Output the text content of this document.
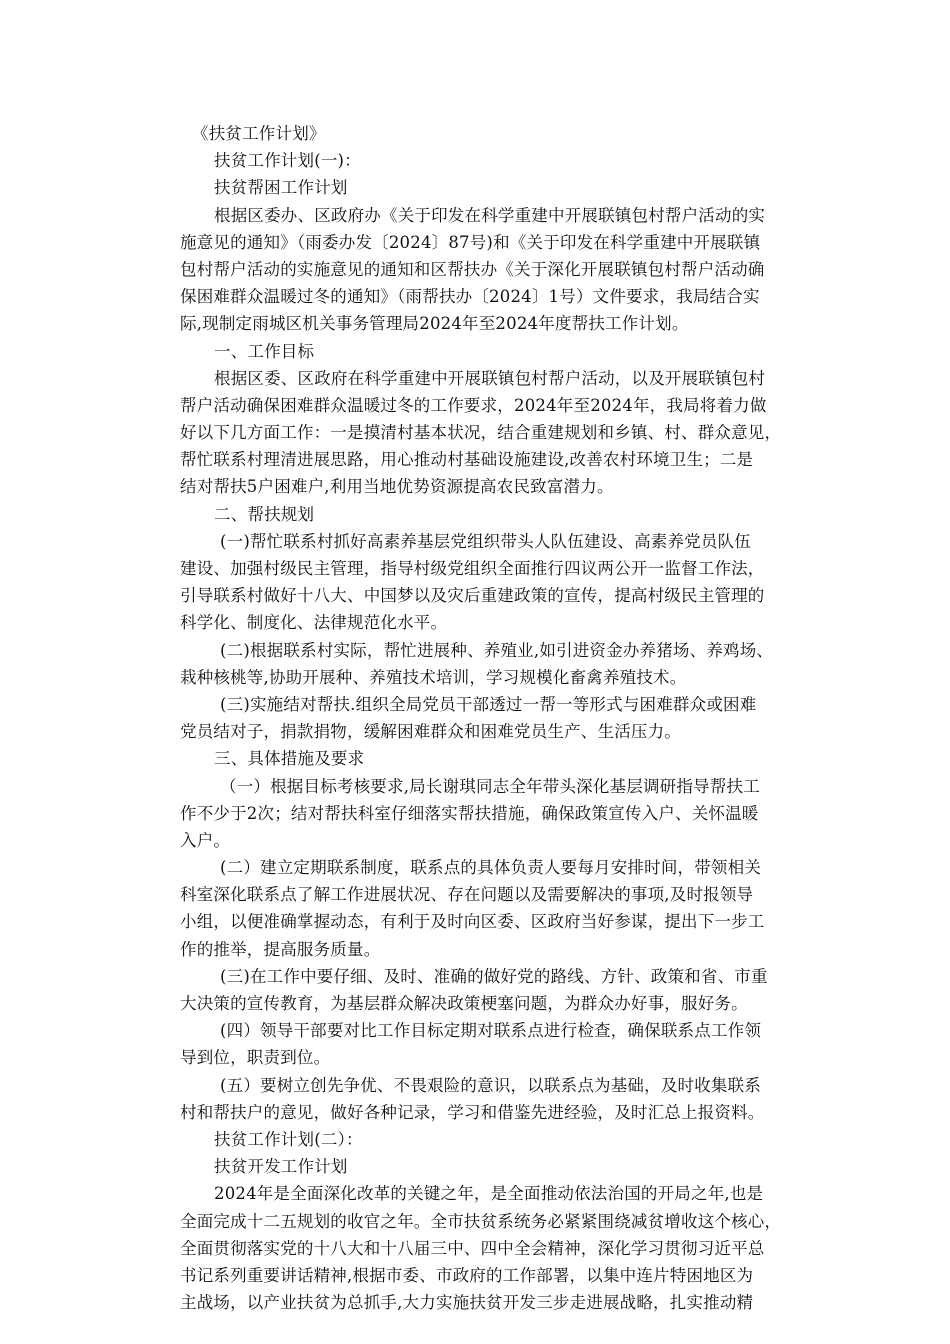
《扶贫工作计划》
扶贫工作计划(一)：
扶贫帮困工作计划
根据区委办、区政府办《关于印发在科学重建中开展联镇包村帮户活动的实
施意见的通知》（雨委办发〔2024〕87号)和《关于印发在科学重建中开展联镇
包村帮户活动的实施意见的通知和区帮扶办《关于深化开展联镇包村帮户活动确
保困难群众温暖过冬的通知》（雨帮扶办〔2024〕1号）文件要求，我局结合实
际,现制定雨城区机关事务管理局2024年至2024年度帮扶工作计划。
一、工作目标
根据区委、区政府在科学重建中开展联镇包村帮户活动，以及开展联镇包村
帮户活动确保困难群众温暖过冬的工作要求，2024年至2024年，我局将着力做
好以下几方面工作：一是摸清村基本状况，结合重建规划和乡镇、村、群众意见，
帮忙联系村理清进展思路，用心推动村基础设施建设,改善农村环境卫生；二是
结对帮扶5户困难户,利用当地优势资源提高农民致富潜力。
二、帮扶规划
(一)帮忙联系村抓好高素养基层党组织带头人队伍建设、高素养党员队伍
建设、加强村级民主管理，指导村级党组织全面推行四议两公开一监督工作法，
引导联系村做好十八大、中国梦以及灾后重建政策的宣传，提高村级民主管理的
科学化、制度化、法律规范化水平。
(二)根据联系村实际，帮忙进展种、养殖业,如引进资金办养猪场、养鸡场、
栽种核桃等,协助开展种、养殖技术培训，学习规模化畜禽养殖技术。
(三)实施结对帮扶.组织全局党员干部透过一帮一等形式与困难群众或困难
党员结对子，捐款捐物，缓解困难群众和困难党员生产、生活压力。
三、具体措施及要求
（一）根据目标考核要求,局长谢琪同志全年带头深化基层调研指导帮扶工
作不少于2次；结对帮扶科室仔细落实帮扶措施，确保政策宣传入户、关怀温暖
入户。
(二）建立定期联系制度，联系点的具体负责人要每月安排时间，带领相关
科室深化联系点了解工作进展状况、存在问题以及需要解决的事项,及时报领导
小组，以便准确掌握动态，有利于及时向区委、区政府当好参谋，提出下一步工
作的推举，提高服务质量。
(三)在工作中要仔细、及时、准确的做好党的路线、方针、政策和省、市重
大决策的宣传教育，为基层群众解决政策梗塞问题，为群众办好事，服好务。
(四）领导干部要对比工作目标定期对联系点进行检查，确保联系点工作领
导到位，职责到位。
(五）要树立创先争优、不畏艰险的意识，以联系点为基础，及时收集联系
村和帮扶户的意见，做好各种记录，学习和借鉴先进经验，及时汇总上报资料。
扶贫工作计划(二）：
扶贫开发工作计划
2024年是全面深化改革的关键之年，是全面推动依法治国的开局之年,也是
全面完成十二五规划的收官之年。全市扶贫系统务必紧紧围绕减贫增收这个核心，
全面贯彻落实党的十八大和十八届三中、四中全会精神，深化学习贯彻习近平总
书记系列重要讲话精神,根据市委、市政府的工作部署，以集中连片特困地区为
主战场，以产业扶贫为总抓手,大力实施扶贫开发三步走进展战略，扎实推动精
